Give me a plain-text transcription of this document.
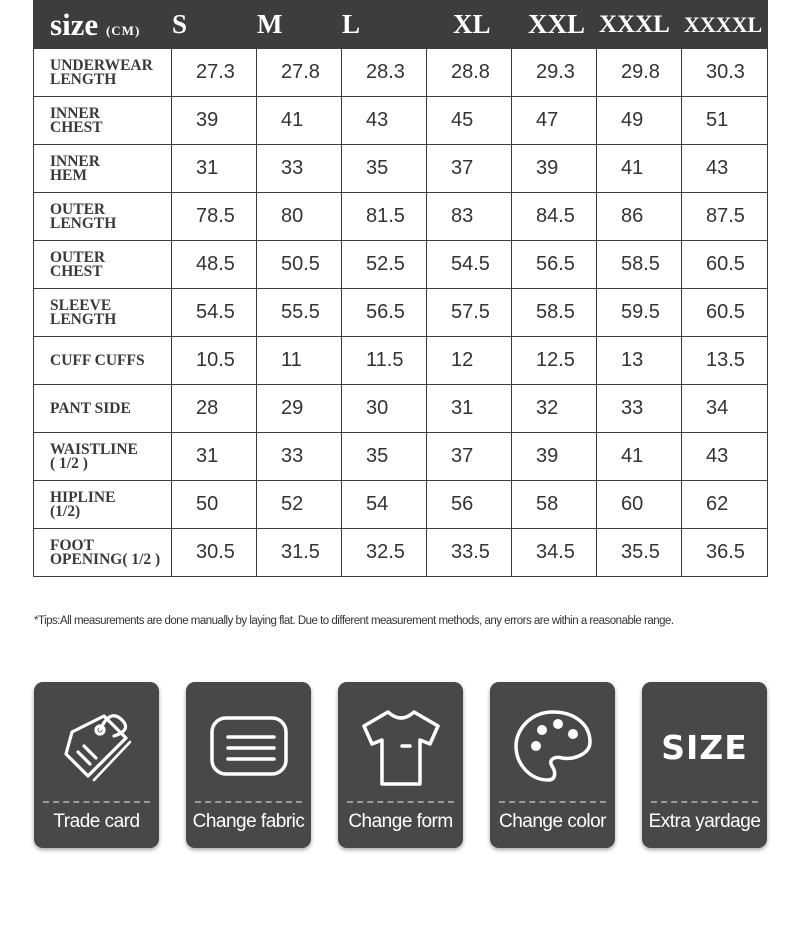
size (CM)	S	M	L	XL	XXL	XXXL	XXXXL

UNDERWEAR
LENGTH	27.3	27.8	28.3	28.8	29.3	29.8	30.3

INNER
CHEST	39	41	43	45	47	49	51

INNER
HEM	31	33	35	37	39	41	43

OUTER
LENGTH	78.5	80	81.5	83	84.5	86	87.5

OUTER
CHEST	48.5	50.5	52.5	54.5	56.5	58.5	60.5

SLEEVE
LENGTH	54.5	55.5	56.5	57.5	58.5	59.5	60.5

CUFF CUFFS	10.5	11	11.5	12	12.5	13	13.5

PANT SIDE	28	29	30	31	32	33	34

WAISTLINE
( 1/2 )	31	33	35	37	39	41	43

HIPLINE
(1/2)	50	52	54	56	58	60	62

FOOT
OPENING( 1/2 )	30.5	31.5	32.5	33.5	34.5	35.5	36.5
*Tips:All measurements are done manually by laying flat. Due to different measurement methods, any errors are within a reasonable range.
Trade card	Change fabric	Change form	Change color
SIZE
Extra yardage
